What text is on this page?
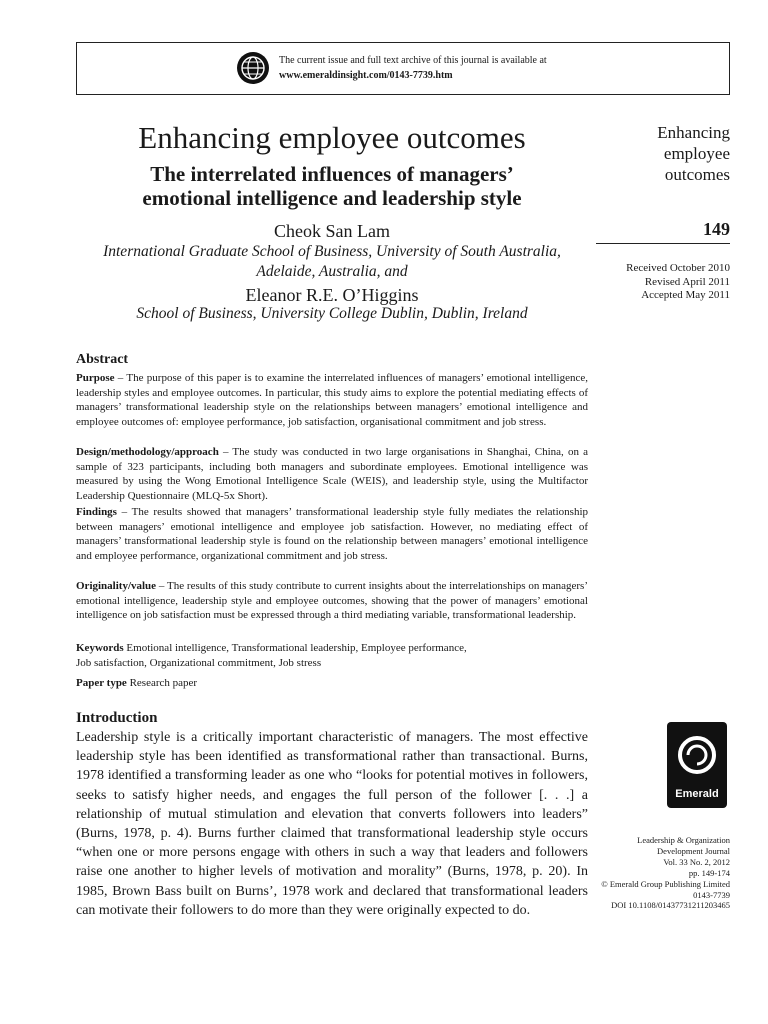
The current issue and full text archive of this journal is available at
www.emeraldinsight.com/0143-7739.htm
Enhancing employee outcomes
The interrelated influences of managers’
emotional intelligence and leadership style
Cheok San Lam
International Graduate School of Business, University of South Australia,
Adelaide, Australia, and
Eleanor R.E. O’Higgins
School of Business, University College Dublin, Dublin, Ireland
Enhancing
employee
outcomes
149
Received October 2010
Revised April 2011
Accepted May 2011
Abstract
Purpose – The purpose of this paper is to examine the interrelated influences of managers’ emotional intelligence, leadership styles and employee outcomes. In particular, this study aims to explore the potential mediating effects of managers’ transformational leadership style on the relationships between managers’ emotional intelligence and employee outcomes of: employee performance, job satisfaction, organisational commitment and job stress.
Design/methodology/approach – The study was conducted in two large organisations in Shanghai, China, on a sample of 323 participants, including both managers and subordinate employees. Emotional intelligence was measured by using the Wong Emotional Intelligence Scale (WEIS), and leadership style, using the Multifactor Leadership Questionnaire (MLQ-5x Short).
Findings – The results showed that managers’ transformational leadership style fully mediates the relationship between managers’ emotional intelligence and employee job satisfaction. However, no mediating effect of managers’ transformational leadership style is found on the relationship between managers’ emotional intelligence and employee performance, organizational commitment and job stress.
Originality/value – The results of this study contribute to current insights about the interrelationships on managers’ emotional intelligence, leadership style and employee outcomes, showing that the power of managers’ emotional intelligence on job satisfaction must be expressed through a third mediating variable, transformational leadership.
Keywords Emotional intelligence, Transformational leadership, Employee performance,
Job satisfaction, Organizational commitment, Job stress
Paper type Research paper
Introduction
Leadership style is a critically important characteristic of managers. The most effective leadership style has been identified as transformational rather than transactional. Burns, 1978 identified a transforming leader as one who “looks for potential motives in followers, seeks to satisfy higher needs, and engages the full person of the follower [. . .] a relationship of mutual stimulation and elevation that converts followers into leaders” (Burns, 1978, p. 4). Burns further claimed that transformational leadership style occurs “when one or more persons engage with others in such a way that leaders and followers raise one another to higher levels of motivation and morality” (Burns, 1978, p. 20). In 1985, Brown Bass built on Burns’, 1978 work and declared that transformational leaders can motivate their followers to do more than they were originally expected to do.
Emerald
Leadership & Organization
Development Journal
Vol. 33 No. 2, 2012
pp. 149-174
© Emerald Group Publishing Limited
0143-7739
DOI 10.1108/01437731211203465
